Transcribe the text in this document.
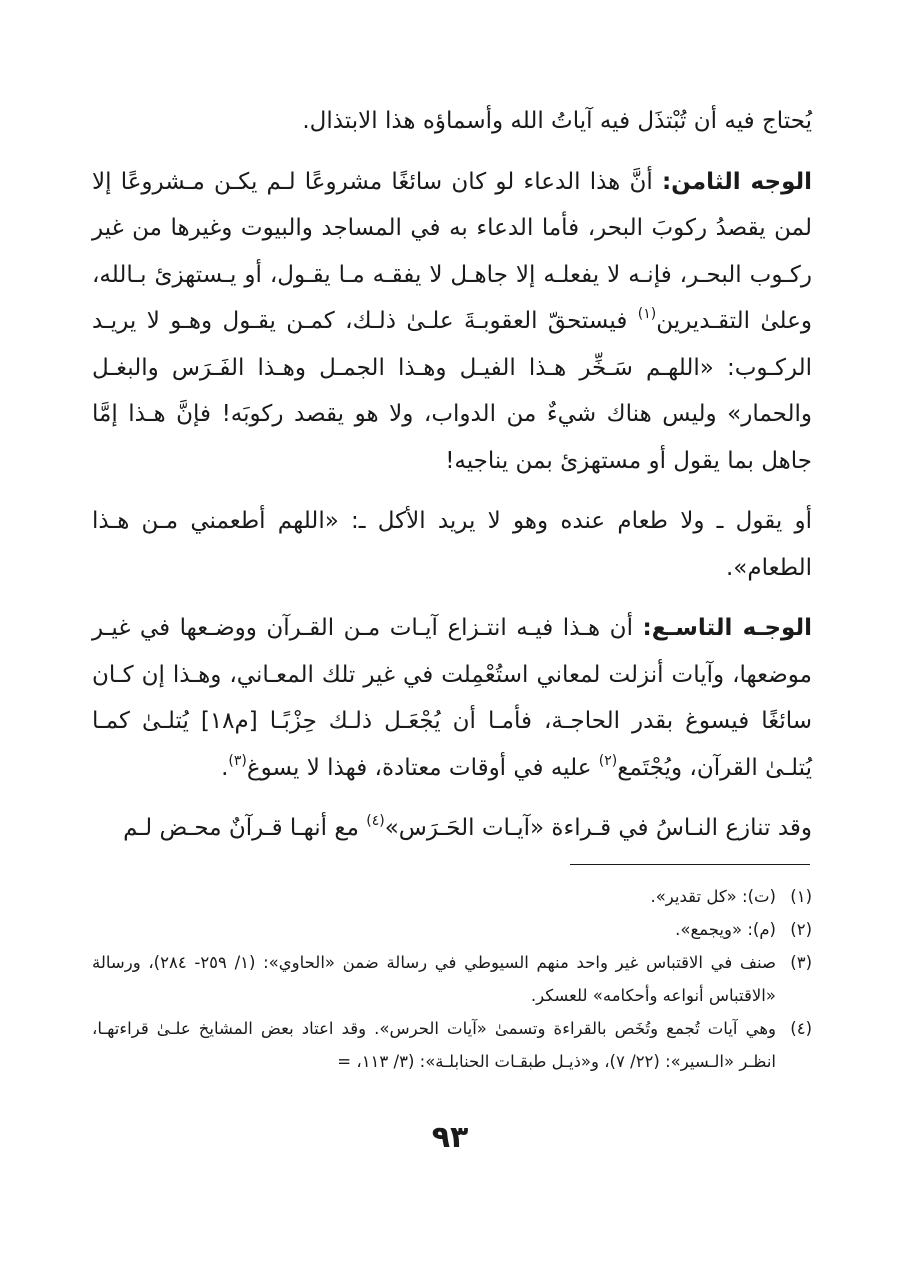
يُحتاج فيه أن تُبْتذَل فيه آياتُ الله وأسماؤه هذا الابتذال.

الوجه الثامن: أنَّ هذا الدعاء لو كان سائغًا مشروعًا لـم يكـن مـشروعًا إلا لمن يقصدُ ركوبَ البحر، فأما الدعاء به في المساجد والبيوت وغيرها من غير ركـوب البحـر، فإنـه لا يفعلـه إلا جاهـل لا يفقـه مـا يقـول، أو يـستهزئ بـالله، وعلىٰ التقـديرين$^{(١)}$ فيستحقّ العقوبـةَ علـىٰ ذلـك، كمـن يقـول وهـو لا يريـد الركـوب: «اللهـم سَـخِّر هـذا الفيـل وهـذا الجمـل وهـذا الفَـرَس والبغـل والحمار» وليس هناك شيءٌ من الدواب، ولا هو يقصد ركوبَه! فإنَّ هـذا إمَّا جاهل بما يقول أو مستهزئ بمن يناجيه!

أو يقول ـ ولا طعام عنده وهو لا يريد الأكل ـ: «اللهم أطعمني مـن هـذا الطعام».

الوجـه التاسـع: أن هـذا فيـه انتـزاع آيـات مـن القـرآن ووضـعها في غيـر موضعها، وآيات أنزلت لمعاني استُعْمِلت في غير تلك المعـاني، وهـذا إن كـان سائغًا فيسوغ بقدر الحاجـة، فأمـا أن يُجْعَـل ذلـك حِزْبًـا [م١٨] يُتلـىٰ كمـا يُتلـىٰ القرآن، ويُجْتَمع$^{(٢)}$ عليه في أوقات معتادة، فهذا لا يسوغ$^{(٣)}$.

وقد تنازع النـاسُ في قـراءة «آيـات الحَـرَس»$^{(٤)}$ مع أنهـا قـرآنٌ محـض لـم

(١)
(ت): «كل تقدير».
(٢)
(م): «ويجمع».
(٣)
صنف في الاقتباس غير واحد منهم السيوطي في رسالة ضمن «الحاوي»: (١/ ٢٥٩- ٢٨٤)، ورسالة «الاقتباس أنواعه وأحكامه» للعسكر.
(٤)
وهي آيات تُجمع وتُخَص بالقراءة وتسمىٰ «آيات الحرس». وقد اعتاد بعض المشايخ علـىٰ قراءتهـا، انظـر «الـسير»: (٢٢/ ٧)، و«ذيـل طبقـات الحنابلـة»: (٣/ ١١٣، =
٩٣
